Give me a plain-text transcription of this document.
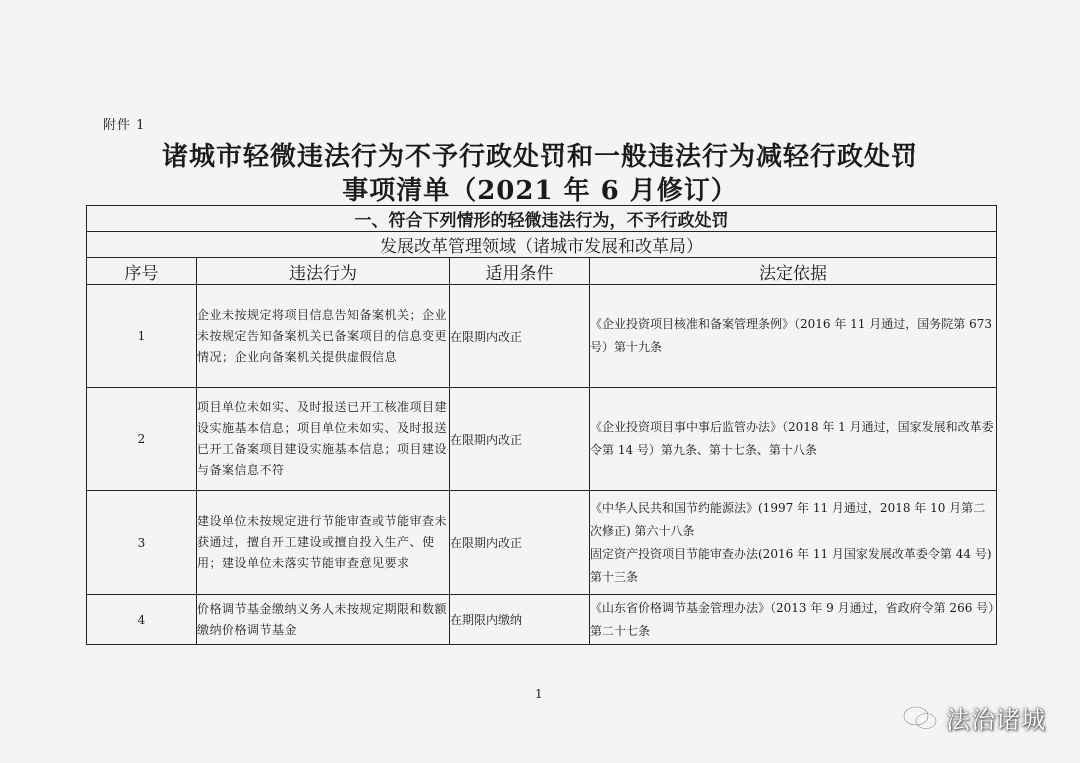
附件 1
诸城市轻微违法行为不予行政处罚和一般违法行为减轻行政处罚
事项清单（2021 年 6 月修订）
一、符合下列情形的轻微违法行为，不予行政处罚			
发展改革管理领域（诸城市发展和改革局）			
序号	违法行为	适用条件	法定依据
1	企业未按规定将项目信息告知备案机关；企业未按规定告知备案机关已备案项目的信息变更情况；企业向备案机关提供虚假信息	在限期内改正	《企业投资项目核准和备案管理条例》（2016 年 11 月通过，国务院第 673 号）第十九条

2	项目单位未如实、及时报送已开工核准项目建设实施基本信息；项目单位未如实、及时报送已开工备案项目建设实施基本信息；项目建设与备案信息不符	在限期内改正	《企业投资项目事中事后监管办法》（2018 年 1 月通过，国家发展和改革委令第 14 号）第九条、第十七条、第十八条

3	建设单位未按规定进行节能审查或节能审查未获通过，擅自开工建设或擅自投入生产、使用；建设单位未落实节能审查意见要求	在限期内改正	《中华人民共和国节约能源法》(1997 年 11 月通过，2018 年 10 月第二次修正) 第六十八条
固定资产投资项目节能审查办法(2016 年 11 月国家发展改革委令第 44 号) 第十三条

4	价格调节基金缴纳义务人未按规定期限和数额缴纳价格调节基金	在期限内缴纳	《山东省价格调节基金管理办法》（2013 年 9 月通过，省政府令第 266 号）第二十七条
1
法治诸城
